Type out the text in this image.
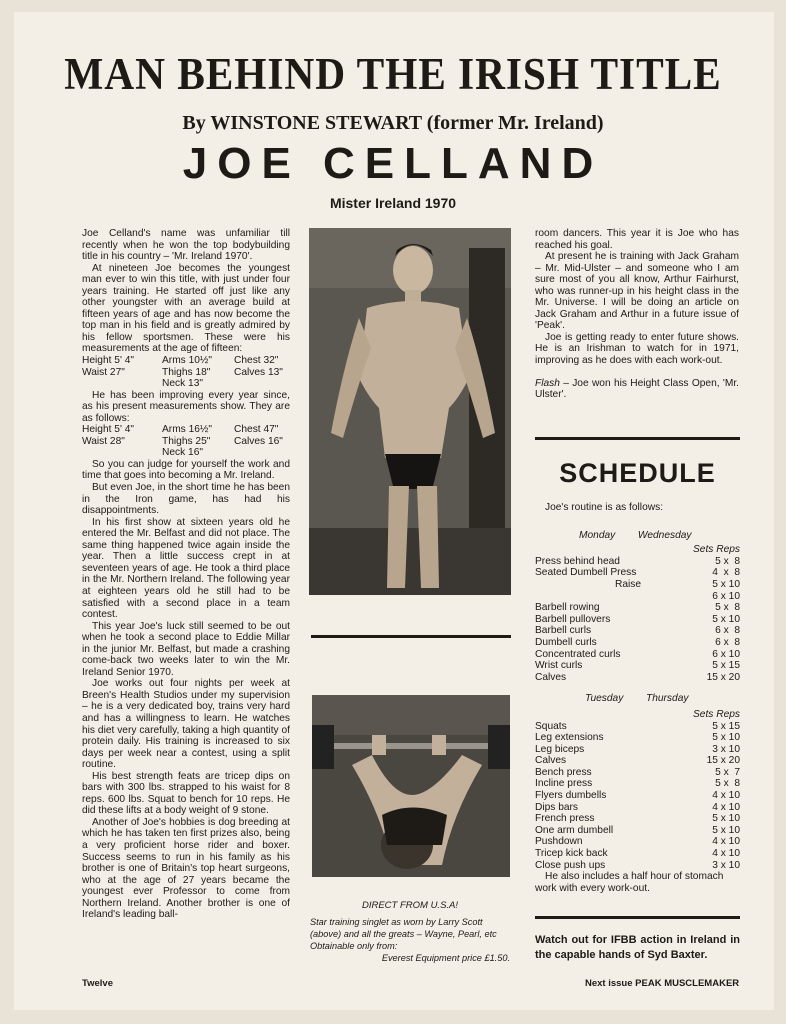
MAN BEHIND THE IRISH TITLE
By WINSTONE STEWART (former Mr. Ireland)
JOE CELLAND
Mister Ireland 1970

Joe Celland's name was unfamiliar till recently when he won the top bodybuilding title in his country – 'Mr. Ireland 1970'.

At nineteen Joe becomes the youngest man ever to win this title, with just under four years training. He started off just like any other youngster with an average build at fifteen years of age and has now become the top man in his field and is greatly admired by his fellow sportsmen. These were his measurements at the age of fifteen:

Height 5' 4"	Arms 10½"	Chest 32"
Waist 27"	Thighs 18"	Calves 13"
Neck 13"

He has been improving every year since, as his present measurements show. They are as follows:

Height 5' 4"	Arms 16½"	Chest 47"
Waist 28"	Thighs 25"	Calves 16"
Neck 16"

So you can judge for yourself the work and time that goes into becoming a Mr. Ireland.

But even Joe, in the short time he has been in the Iron game, has had his disappointments.

In his first show at sixteen years old he entered the Mr. Belfast and did not place. The same thing happened twice again inside the year. Then a little success crept in at seventeen years of age. He took a third place in the Mr. Northern Ireland. The following year at eighteen years old he still had to be satisfied with a second place in a team contest.

This year Joe's luck still seemed to be out when he took a second place to Eddie Millar in the junior Mr. Belfast, but made a crashing come-back two weeks later to win the Mr. Ireland Senior 1970.

Joe works out four nights per week at Breen's Health Studios under my supervision – he is a very dedicated boy, trains very hard and has a willingness to learn. He watches his diet very carefully, taking a high quantity of protein daily. His training is increased to six days per week near a contest, using a split routine.

His best strength feats are tricep dips on bars with 300 lbs. strapped to his waist for 8 reps. 600 lbs. Squat to bench for 10 reps. He did these lifts at a body weight of 9 stone.

Another of Joe's hobbies is dog breeding at which he has taken ten first prizes also, being a very proficient horse rider and boxer. Success seems to run in his family as his brother is one of Britain's top heart surgeons, who at the age of 27 years became the youngest ever Professor to come from Northern Ireland. Another brother is one of Ireland's leading ball-

DIRECT FROM U.S.A!
Star training singlet as worn by Larry Scott (above) and all the greats – Wayne, Pearl, etc
Obtainable only from:
Everest Equipment price £1.50.

room dancers. This year it is Joe who has reached his goal.

At present he is training with Jack Graham – Mr. Mid-Ulster – and someone who I am sure most of you all know, Arthur Fairhurst, who was runner-up in his height class in the Mr. Universe. I will be doing an article on Jack Graham and Arthur in a future issue of 'Peak'.

Joe is getting ready to enter future shows. He is an Irishman to watch for in 1971, improving as he does with each work-out.

Flash – Joe won his Height Class Open, 'Mr. Ulster'.

SCHEDULE
Joe's routine is as follows:
Monday Wednesday
Sets Reps
Press behind head	5 x  8
Seated Dumbell Press	4  x  8
Raise	5 x 10
6 x 10
Barbell rowing	5 x  8
Barbell pullovers	5 x 10
Barbell curls	6 x  8
Dumbell curls	6 x  8
Concentrated curls	6 x 10
Wrist curls	5 x 15
Calves	15 x 20
Tuesday Thursday
Sets Reps
Squats	5 x 15
Leg extensions	5 x 10
Leg biceps	3 x 10
Calves	15 x 20
Bench press	5 x  7
Incline press	5 x  8
Flyers dumbells	4 x 10
Dips bars	4 x 10
French press	5 x 10
One arm dumbell	5 x 10
Pushdown	4 x 10
Tricep kick back	4 x 10
Close push ups	3 x 10
He also includes a half hour of stomach work with every work-out.
Watch out for IFBB action in Ireland in the capable hands of Syd Baxter.
Twelve	Next issue PEAK MUSCLEMAKER
